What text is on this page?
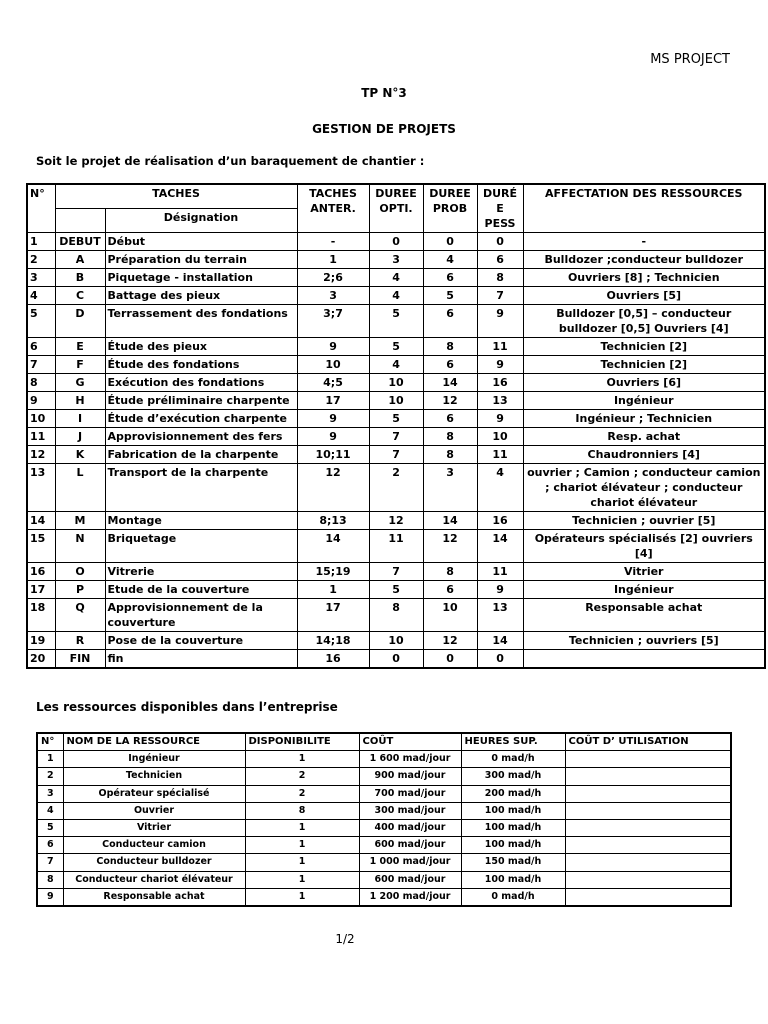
MS PROJECT
TP N°3
GESTION DE PROJETS
Soit le projet de réalisation d’un baraquement de chantier :
N°	TACHES		TACHES ANTER.	DUREE OPTI.	DUREE PROB	DURÉ E PESS	AFFECTATION DES RESSOURCES
		Désignation					
1	DEBUT	Début	-	0	0	0	-
2	A	Préparation du terrain	1	3	4	6	Bulldozer ;conducteur bulldozer
3	B	Piquetage - installation	2;6	4	6	8	Ouvriers [8] ; Technicien
4	C	Battage des pieux	3	4	5	7	Ouvriers [5]
5	D	Terrassement des fondations	3;7	5	6	9	Bulldozer [0,5] – conducteur bulldozer [0,5] Ouvriers [4]
6	E	Étude des pieux	9	5	8	11	Technicien [2]
7	F	Étude des fondations	10	4	6	9	Technicien [2]
8	G	Exécution des fondations	4;5	10	14	16	Ouvriers [6]
9	H	Étude préliminaire charpente	17	10	12	13	Ingénieur
10	I	Étude d’exécution charpente	9	5	6	9	Ingénieur ; Technicien
11	J	Approvisionnement des fers	9	7	8	10	Resp. achat
12	K	Fabrication de la charpente	10;11	7	8	11	Chaudronniers [4]
13	L	Transport de la charpente	12	2	3	4	ouvrier ; Camion ; conducteur camion ; chariot élévateur ; conducteur chariot élévateur
14	M	Montage	8;13	12	14	16	Technicien ; ouvrier [5]
15	N	Briquetage	14	11	12	14	Opérateurs spécialisés [2] ouvriers [4]
16	O	Vitrerie	15;19	7	8	11	Vitrier
17	P	Etude de la couverture	1	5	6	9	Ingénieur
18	Q	Approvisionnement de la couverture	17	8	10	13	Responsable achat
19	R	Pose de la couverture	14;18	10	12	14	Technicien ; ouvriers [5]
20	FIN	fin	16	0	0	0	
Les ressources disponibles dans l’entreprise
N°	NOM DE LA RESSOURCE	DISPONIBILITE	COÛT	HEURES SUP.	COÛT D’ UTILISATION
1	Ingénieur	1	1 600 mad/jour	0 mad/h	
2	Technicien	2	900 mad/jour	300 mad/h	
3	Opérateur spécialisé	2	700 mad/jour	200 mad/h	
4	Ouvrier	8	300 mad/jour	100 mad/h	
5	Vitrier	1	400 mad/jour	100 mad/h	
6	Conducteur camion	1	600 mad/jour	100 mad/h	
7	Conducteur bulldozer	1	1 000 mad/jour	150 mad/h	
8	Conducteur chariot élévateur	1	600 mad/jour	100 mad/h	
9	Responsable achat	1	1 200 mad/jour	0 mad/h	
1/2
